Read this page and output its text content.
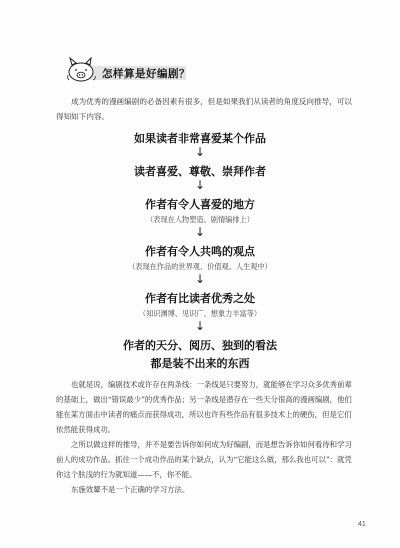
怎样算是好编剧？

成为优秀的漫画编剧的必备因素有很多，但是如果我们从读者的角度反向推导，可以得知如下内容。

如果读者非常喜爱某个作品
↓
读者喜爱、尊敬、崇拜作者
↓
作者有令人喜爱的地方
（表现在人物塑造、剧情编排上）
↓
作者有令人共鸣的观点
（表现在作品的世界观、价值观、人生观中）
↓
作者有比读者优秀之处
（知识渊博、见识广、想象力丰富等）
↓
作者的天分、阅历、独到的看法
都是装不出来的东西

也就是说，编剧技术或许存在两条线：一条线是只要努力，就能够在学习众多优秀前辈的基础上，做出“错误最少”的优秀作品；另一条线是潜存在一些天分很高的漫画编剧，他们能在某方面击中读者的痛点而获得成功，所以也许有些作品有很多技术上的硬伤，但是它们依然能获得成功。

之所以做这样的推导，并不是要告诉你如何成为好编剧，而是想告诉你如何看待和学习前人的成功作品。抓住一个成功作品的某个缺点，认为“它能这么做，那么我也可以”：就凭你这个肤浅的行为就知道——不，你不能。

东施效颦不是一个正确的学习方法。

41
